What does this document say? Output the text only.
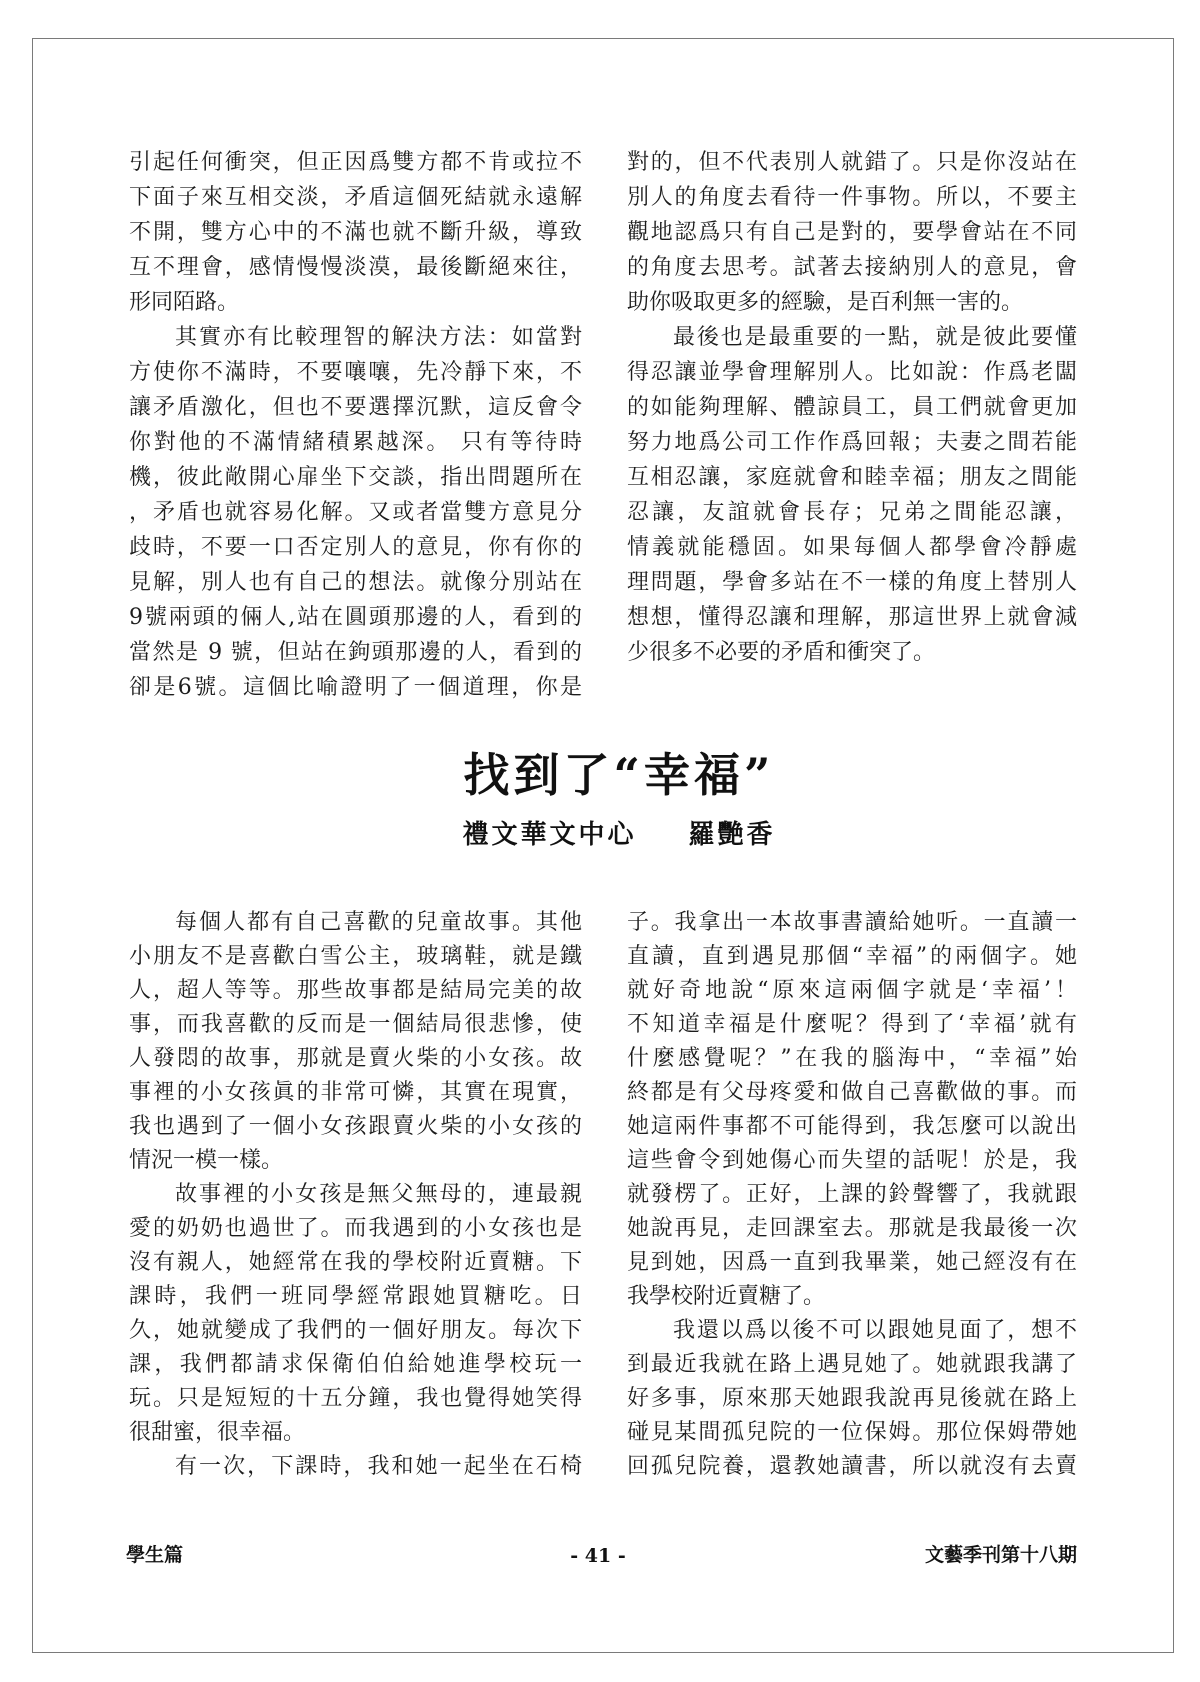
引起任何衝突，但正因爲雙方都不肯或拉不
下面子來互相交淡，矛盾這個死結就永遠解
不開，雙方心中的不滿也就不斷升級，導致
互不理會，感情慢慢淡漠，最後斷絕來往，
形同陌路。
其實亦有比較理智的解決方法：如當對
方使你不滿時，不要嚷嚷，先冷靜下來，不
讓矛盾激化，但也不要選擇沉默，這反會令
你對他的不滿情緒積累越深。 只有等待時
機，彼此敞開心扉坐下交談，指出問題所在
，矛盾也就容易化解。又或者當雙方意見分
歧時，不要一口否定別人的意見，你有你的
見解，別人也有自己的想法。就像分別站在
9號兩頭的倆人,站在圓頭那邊的人，看到的
當然是 9 號，但站在鉤頭那邊的人，看到的
卻是6號。這個比喻證明了一個道理，你是
對的，但不代表別人就錯了。只是你沒站在
別人的角度去看待一件事物。所以，不要主
觀地認爲只有自己是對的，要學會站在不同
的角度去思考。試著去接納別人的意見，會
助你吸取更多的經驗，是百利無一害的。
最後也是最重要的一點，就是彼此要懂
得忍讓並學會理解別人。比如說：作爲老闆
的如能夠理解、體諒員工，員工們就會更加
努力地爲公司工作作爲回報；夫妻之間若能
互相忍讓，家庭就會和睦幸福；朋友之間能
忍讓，友誼就會長存；兄弟之間能忍讓，
情義就能穩固。如果每個人都學會冷靜處
理問題，學會多站在不一樣的角度上替別人
想想，懂得忍讓和理解，那這世界上就會減
少很多不必要的矛盾和衝突了。
找到了“幸福”
禮文華文中心 羅艷香
每個人都有自己喜歡的兒童故事。其他
小朋友不是喜歡白雪公主，玻璃鞋，就是鐵
人，超人等等。那些故事都是結局完美的故
事，而我喜歡的反而是一個結局很悲慘，使
人發悶的故事，那就是賣火柴的小女孩。故
事裡的小女孩眞的非常可憐，其實在現實，
我也遇到了一個小女孩跟賣火柴的小女孩的
情況一模一樣。
故事裡的小女孩是無父無母的，連最親
愛的奶奶也過世了。而我遇到的小女孩也是
沒有親人，她經常在我的學校附近賣糖。下
課時，我們一班同學經常跟她買糖吃。日
久，她就變成了我們的一個好朋友。每次下
課，我們都請求保衛伯伯給她進學校玩一
玩。只是短短的十五分鐘，我也覺得她笑得
很甜蜜，很幸福。
有一次，下課時，我和她一起坐在石椅
子。我拿出一本故事書讀給她听。一直讀一
直讀，直到遇見那個“幸福”的兩個字。她
就好奇地說“原來這兩個字就是‘幸福’！
不知道幸福是什麼呢？得到了‘幸福’就有
什麼感覺呢？”在我的腦海中，“幸福”始
終都是有父母疼愛和做自己喜歡做的事。而
她這兩件事都不可能得到，我怎麼可以說出
這些會令到她傷心而失望的話呢！於是，我
就發楞了。正好，上課的鈴聲響了，我就跟
她說再見，走回課室去。那就是我最後一次
見到她，因爲一直到我畢業，她己經沒有在
我學校附近賣糖了。
我還以爲以後不可以跟她見面了，想不
到最近我就在路上遇見她了。她就跟我講了
好多事，原來那天她跟我說再見後就在路上
碰見某間孤兒院的一位保姆。那位保姆帶她
回孤兒院養，還教她讀書，所以就沒有去賣
學生篇	- 41 -	文藝季刊第十八期
